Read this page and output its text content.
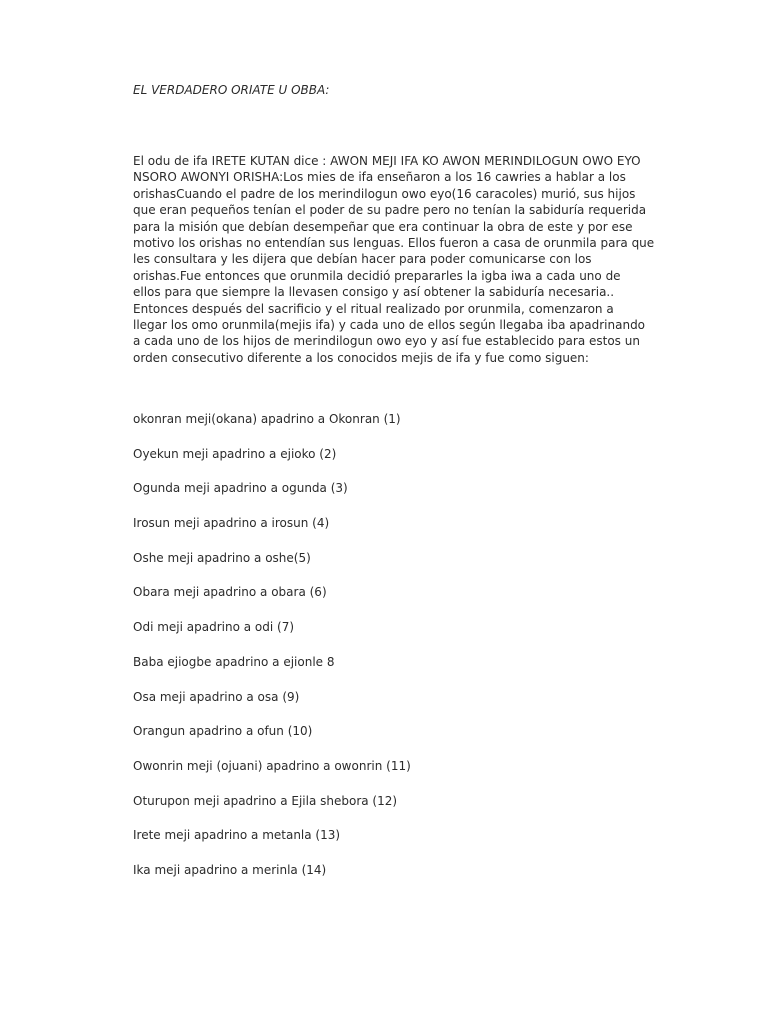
EL VERDADERO ORIATE U OBBA:

El odu de ifa IRETE KUTAN dice : AWON MEJI IFA KO AWON MERINDILOGUN OWO EYO
NSORO AWONYI ORISHA:Los mies de ifa enseñaron a los 16 cawries a hablar a los
orishasCuando el padre de los merindilogun owo eyo(16 caracoles) murió, sus hijos
que eran pequeños tenían el poder de su padre pero no tenían la sabiduría requerida
para la misión que debían desempeñar que era continuar la obra de este y por ese
motivo los orishas no entendían sus lenguas. Ellos fueron a casa de orunmila para que
les consultara y les dijera que debían hacer para poder comunicarse con los
orishas.Fue entonces que orunmila decidió prepararles la igba iwa a cada uno de
ellos para que siempre la llevasen consigo y así obtener la sabiduría necesaria..
Entonces después del sacrificio y el ritual realizado por orunmila, comenzaron a
llegar los omo orunmila(mejis ifa) y cada uno de ellos según llegaba iba apadrinando
a cada uno de los hijos de merindilogun owo eyo y así fue establecido para estos un
orden consecutivo diferente a los conocidos mejis de ifa y fue como siguen:

okonran meji(okana) apadrino a Okonran (1)
Oyekun meji apadrino a ejioko (2)
Ogunda meji apadrino a ogunda (3)
Irosun meji apadrino a irosun (4)
Oshe meji apadrino a oshe(5)
Obara meji apadrino a obara (6)
Odi meji apadrino a odi (7)
Baba ejiogbe apadrino a ejionle 8
Osa meji apadrino a osa (9)
Orangun apadrino a ofun (10)
Owonrin meji (ojuani) apadrino a owonrin (11)
Oturupon meji apadrino a Ejila shebora (12)
Irete meji apadrino a metanla (13)
Ika meji apadrino a merinla (14)
